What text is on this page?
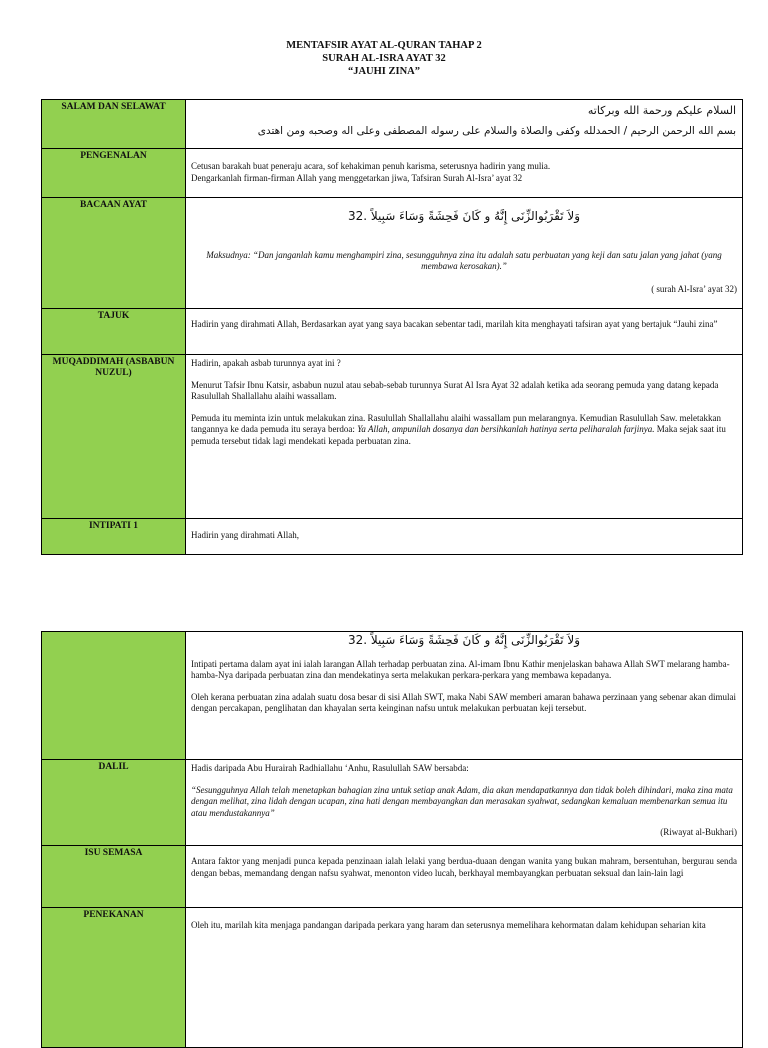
MENTAFSIR AYAT AL-QURAN TAHAP 2
SURAH AL-ISRA AYAT 32
“JAUHI ZINA”
SALAM DAN SELAWAT	السلام عليكم ورحمة الله وبركاته

بسم الله الرحمن الرحيم / الحمدلله وكفى والصلاة والسلام على رسوله المصطفى وعلى اله وصحبه ومن اهتدى

PENGENALAN	Cetusan barakah buat peneraju acara, sof kehakiman penuh karisma, seterusnya hadirin yang mulia.

Dengarkanlah firman-firman Allah yang menggetarkan jiwa, Tafsiran Surah Al-Isra’ ayat 32

BACAAN AYAT	وَلاَ تَقْرَبُوالزِّنَى إِنَّهُ و كَانَ فَحِشَةً وَسَاءَ سَبِيلاً .32

Maksudnya: “Dan janganlah kamu menghampiri zina, sesungguhnya zina itu adalah satu perbuatan yang keji dan satu jalan yang jahat (yang membawa kerosakan).”

( surah Al-Isra’ ayat 32)

TAJUK	Hadirin yang dirahmati Allah, Berdasarkan ayat yang saya bacakan sebentar tadi, marilah kita menghayati tafsiran ayat yang bertajuk “Jauhi zina”
MUQADDIMAH (ASBABUN NUZUL)	Hadirin, apakah asbab turunnya ayat ini ?

Menurut Tafsir Ibnu Katsir, asbabun nuzul atau sebab-sebab turunnya Surat Al Isra Ayat 32 adalah ketika ada seorang pemuda yang datang kepada Rasulullah Shallallahu alaihi wassallam.

Pemuda itu meminta izin untuk melakukan zina. Rasulullah Shallallahu alaihi wassallam pun melarangnya. Kemudian Rasulullah Saw. meletakkan tangannya ke dada pemuda itu seraya berdoa: Ya Allah, ampunilah dosanya dan bersihkanlah hatinya serta peliharalah farjinya. Maka sejak saat itu pemuda tersebut tidak lagi mendekati kepada perbuatan zina.

INTIPATI 1	Hadirin yang dirahmati Allah,

	وَلاَ تَقْرَبُوالزِّنَى إِنَّهُ و كَانَ فَحِشَةً وَسَاءَ سَبِيلاً .32

Intipati pertama dalam ayat ini ialah larangan Allah terhadap perbuatan zina. Al-imam Ibnu Kathir menjelaskan bahawa Allah SWT melarang hamba-hamba-Nya daripada perbuatan zina dan mendekatinya serta melakukan perkara-perkara yang membawa kepadanya.

Oleh kerana perbuatan zina adalah suatu dosa besar di sisi Allah SWT, maka Nabi SAW memberi amaran bahawa perzinaan yang sebenar akan dimulai dengan percakapan, penglihatan dan khayalan serta keinginan nafsu untuk melakukan perbuatan keji tersebut.

DALIL	Hadis daripada Abu Hurairah Radhiallahu ‘Anhu, Rasulullah SAW bersabda:

“Sesungguhnya Allah telah menetapkan bahagian zina untuk setiap anak Adam, dia akan mendapatkannya dan tidak boleh dihindari, maka zina mata dengan melihat, zina lidah dengan ucapan, zina hati dengan membayangkan dan merasakan syahwat, sedangkan kemaluan membenarkan semua itu atau mendustakannya”

(Riwayat al-Bukhari)

ISU SEMASA	Antara faktor yang menjadi punca kepada penzinaan ialah lelaki yang berdua-duaan dengan wanita yang bukan mahram, bersentuhan, bergurau senda dengan bebas, memandang dengan nafsu syahwat, menonton video lucah, berkhayal membayangkan perbuatan seksual dan lain-lain lagi
PENEKANAN	Oleh itu, marilah kita menjaga pandangan daripada perkara yang haram dan seterusnya memelihara kehormatan dalam kehidupan seharian kita
